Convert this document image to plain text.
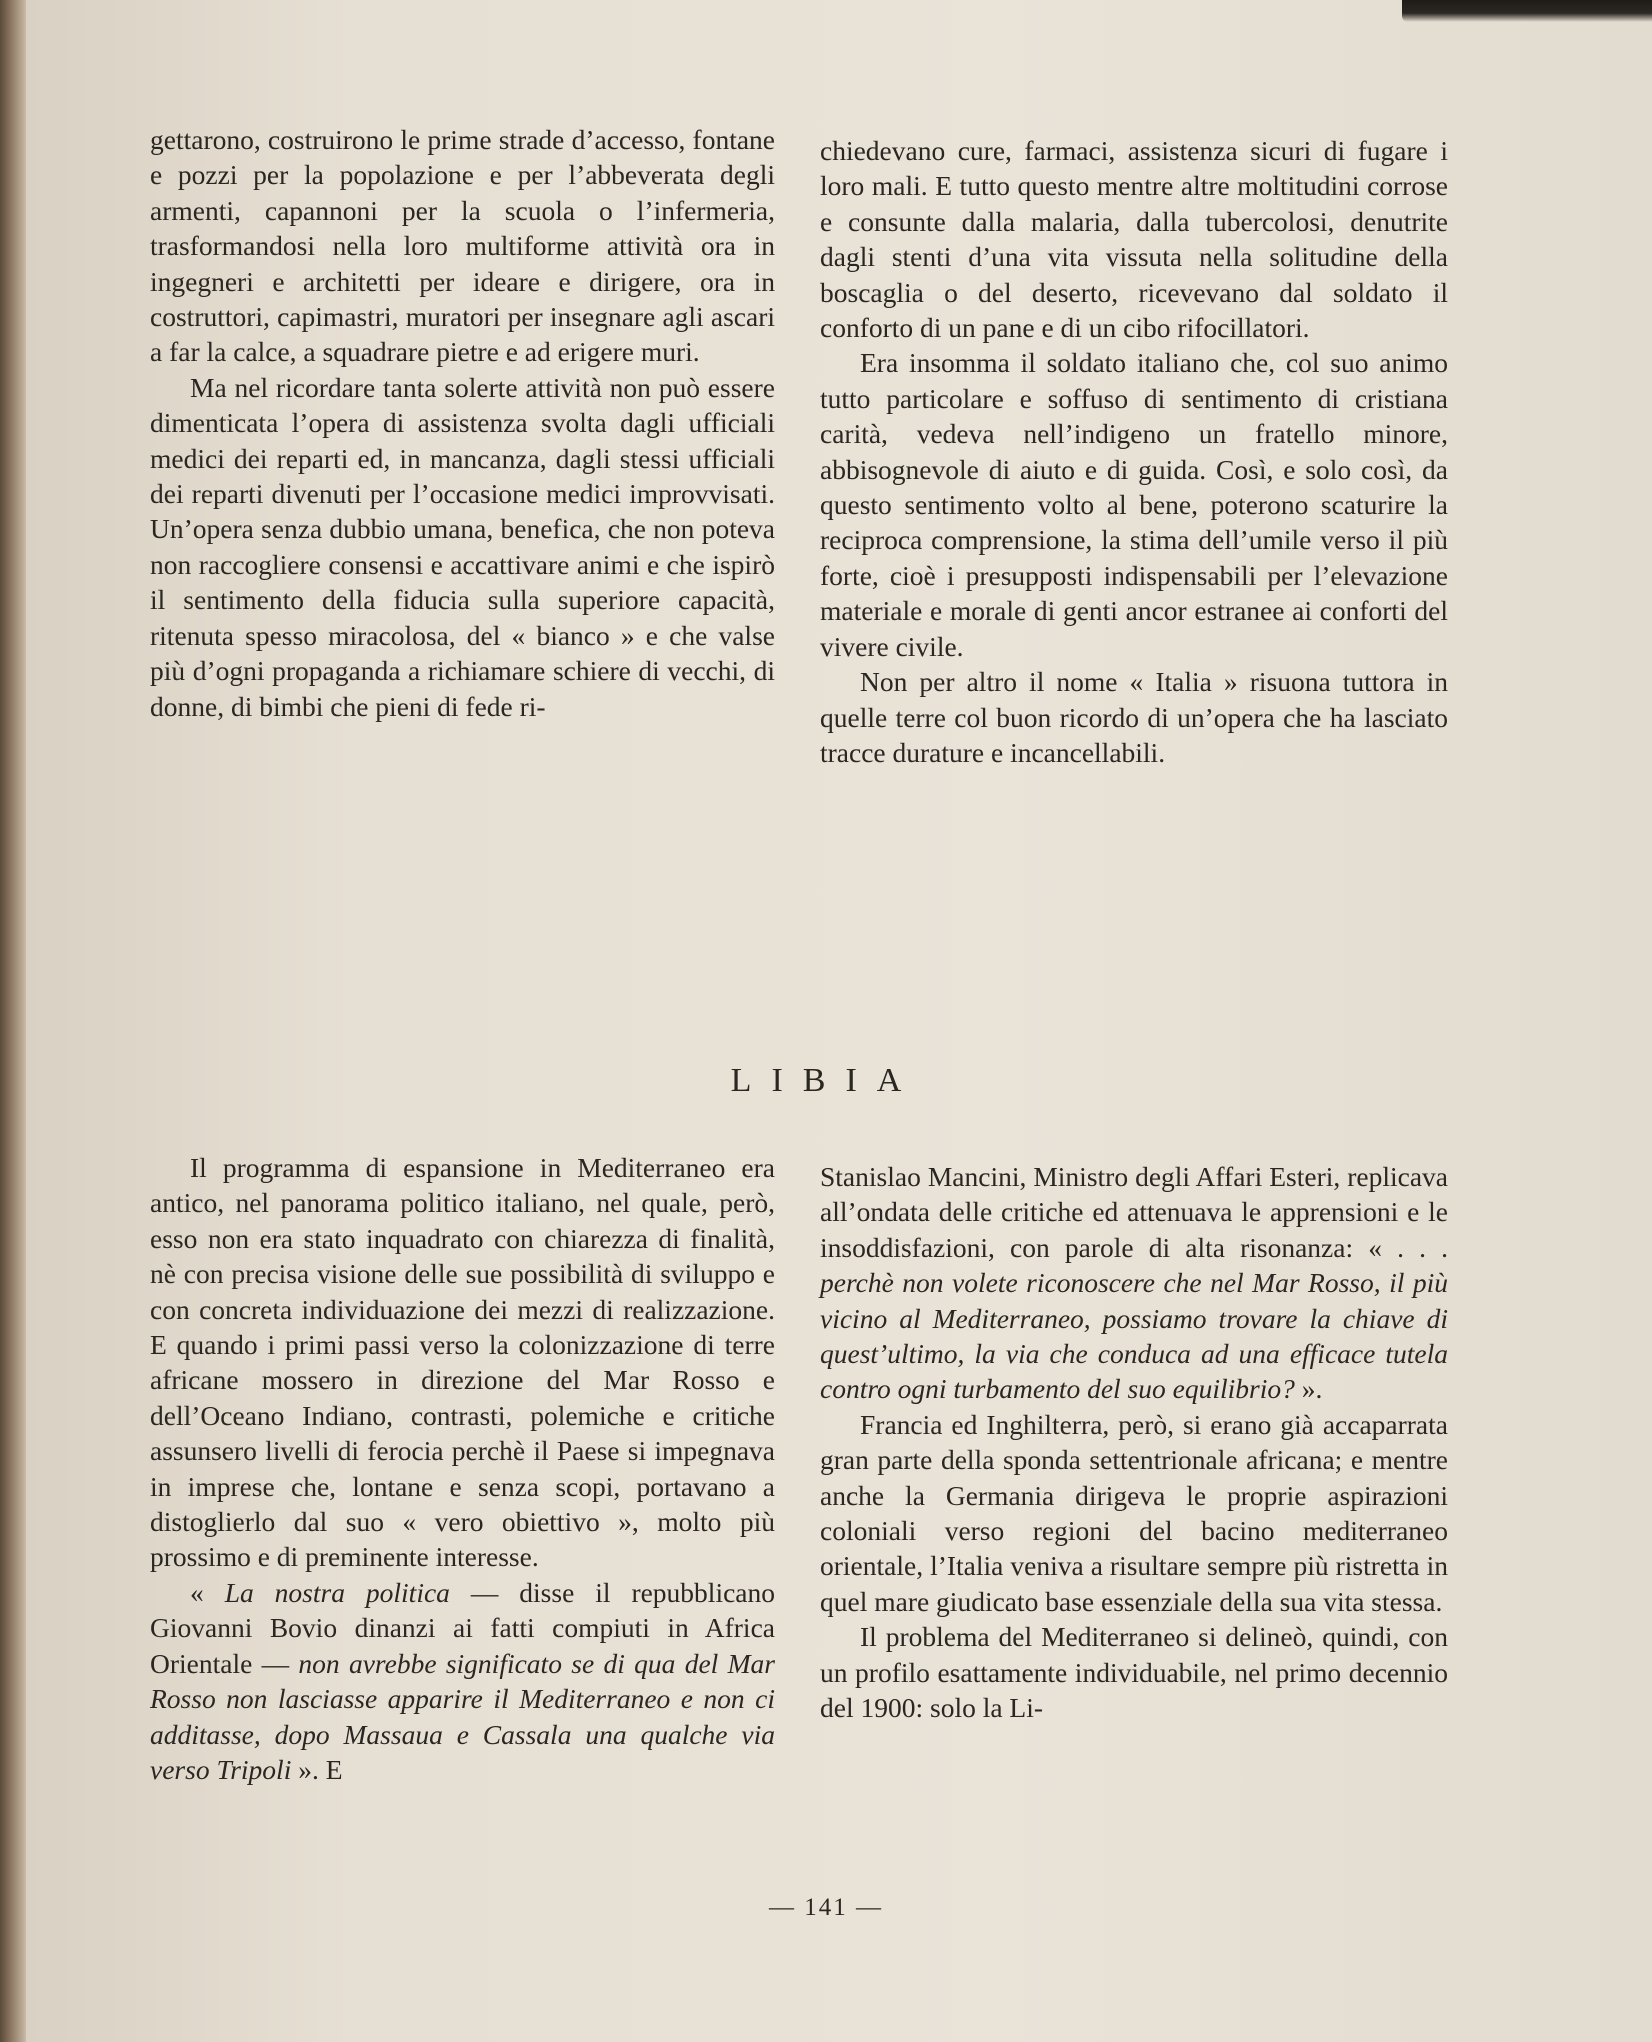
gettarono, costruirono le prime strade d’accesso, fontane e pozzi per la popolazione e per l’abbeverata degli armenti, capannoni per la scuola o l’infermeria, trasformandosi nella loro multiforme attività ora in ingegneri e architetti per ideare e dirigere, ora in costruttori, capimastri, muratori per insegnare agli ascari a far la calce, a squadrare pietre e ad erigere muri.

Ma nel ricordare tanta solerte attività non può essere dimenticata l’opera di assistenza svolta dagli ufficiali medici dei reparti ed, in mancanza, dagli stessi ufficiali dei reparti divenuti per l’occasione medici improvvisati. Un’opera senza dubbio umana, benefica, che non poteva non raccogliere consensi e accattivare animi e che ispirò il sentimento della fiducia sulla superiore capacità, ritenuta spesso miracolosa, del « bianco » e che valse più d’ogni propaganda a richiamare schiere di vecchi, di donne, di bimbi che pieni di fede ri-

chiedevano cure, farmaci, assistenza sicuri di fugare i loro mali. E tutto questo mentre altre moltitudini corrose e consunte dalla malaria, dalla tubercolosi, denutrite dagli stenti d’una vita vissuta nella solitudine della boscaglia o del deserto, ricevevano dal soldato il conforto di un pane e di un cibo rifocillatori.

Era insomma il soldato italiano che, col suo animo tutto particolare e soffuso di sentimento di cristiana carità, vedeva nell’indigeno un fratello minore, abbisognevole di aiuto e di guida. Così, e solo così, da questo sentimento volto al bene, poterono scaturire la reciproca comprensione, la stima dell’umile verso il più forte, cioè i presupposti indispensabili per l’elevazione materiale e morale di genti ancor estranee ai conforti del vivere civile.

Non per altro il nome « Italia » risuona tuttora in quelle terre col buon ricordo di un’opera che ha lasciato tracce durature e incancellabili.

LIBIA

Il programma di espansione in Mediterraneo era antico, nel panorama politico italiano, nel quale, però, esso non era stato inquadrato con chiarezza di finalità, nè con precisa visione delle sue possibilità di sviluppo e con concreta individuazione dei mezzi di realizzazione. E quando i primi passi verso la colonizzazione di terre africane mossero in direzione del Mar Rosso e dell’Oceano Indiano, contrasti, polemiche e critiche assunsero livelli di ferocia perchè il Paese si impegnava in imprese che, lontane e senza scopi, portavano a distoglierlo dal suo « vero obiettivo », molto più prossimo e di preminente interesse.

« La nostra politica — disse il repubblicano Giovanni Bovio dinanzi ai fatti compiuti in Africa Orientale — non avrebbe significato se di qua del Mar Rosso non lasciasse apparire il Mediterraneo e non ci additasse, dopo Massaua e Cassala una qualche via verso Tripoli ». E

Stanislao Mancini, Ministro degli Affari Esteri, replicava all’ondata delle critiche ed attenuava le apprensioni e le insoddisfazioni, con parole di alta risonanza: « . . . perchè non volete riconoscere che nel Mar Rosso, il più vicino al Mediterraneo, possiamo trovare la chiave di quest’ultimo, la via che conduca ad una efficace tutela contro ogni turbamento del suo equilibrio? ».

Francia ed Inghilterra, però, si erano già accaparrata gran parte della sponda settentrionale africana; e mentre anche la Germania dirigeva le proprie aspirazioni coloniali verso regioni del bacino mediterraneo orientale, l’Italia veniva a risultare sempre più ristretta in quel mare giudicato base essenziale della sua vita stessa.

Il problema del Mediterraneo si delineò, quindi, con un profilo esattamente individuabile, nel primo decennio del 1900: solo la Li-

— 141 —
